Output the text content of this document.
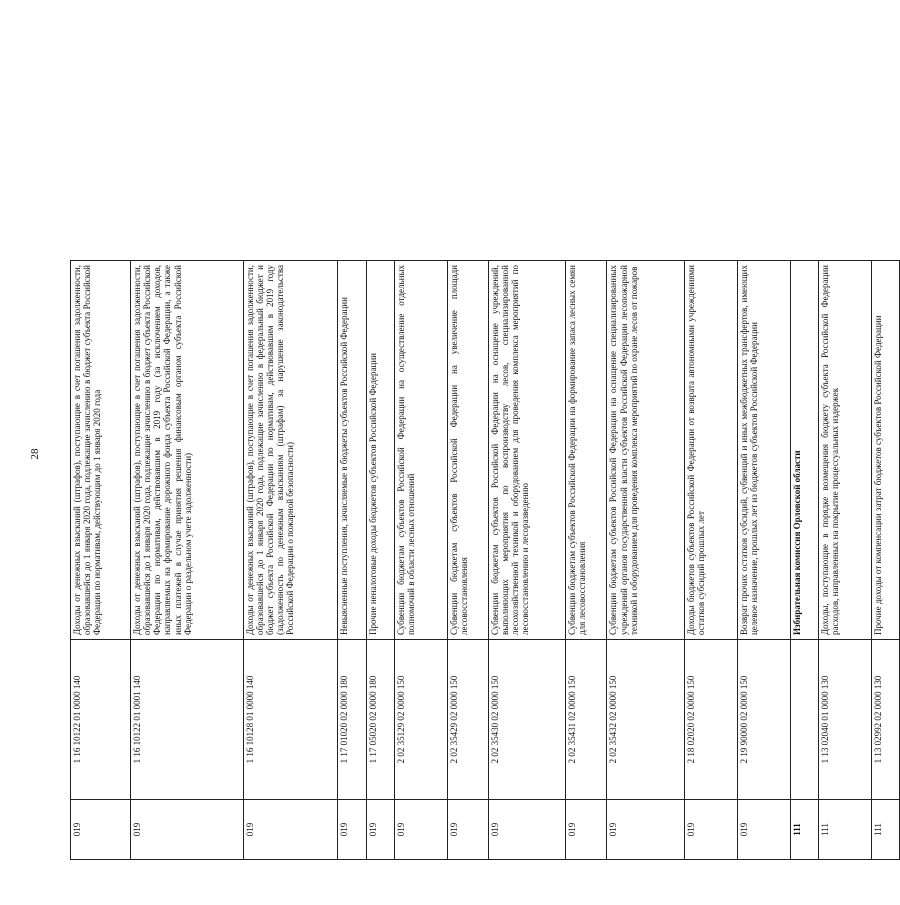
28
019	1 16 10122 01 0000 140	Доходы от денежных взысканий (штрафов), поступающие в счет погашения задолженности, образовавшейся до 1 января 2020 года, подлежащие зачислению в бюджет субъекта Российской Федерации по нормативам, действующим до 1 января 2020 года
019	1 16 10122 01 0001 140	Доходы от денежных взысканий (штрафов), поступающие в счет погашения задолженности, образовавшейся до 1 января 2020 года, подлежащие зачислению в бюджет субъекта Российской Федерации по нормативам, действовавшим в 2019 году (за исключением доходов, направляемых на формирование дорожного фонда субъекта Российской Федерации, а также иных платежей в случае принятия решения финансовым органом субъекта Российской Федерации о раздельном учете задолженности)
019	1 16 10128 01 0000 140	Доходы от денежных взысканий (штрафов), поступающие в счет погашения задолженности, образовавшейся до 1 января 2020 года, подлежащие зачислению в федеральный бюджет и бюджет субъекта Российской Федерации по нормативам, действовавшим в 2019 году (задолженность по денежным взысканиям (штрафам) за нарушение законодательства Российской Федерации о пожарной безопасности)
019	1 17 01020 02 0000 180	Невыясненные поступления, зачисляемые в бюджеты субъектов Российской Федерации
019	1 17 05020 02 0000 180	Прочие неналоговые доходы бюджетов субъектов Российской Федерации
019	2 02 35129 02 0000 150	Субвенции бюджетам субъектов Российской Федерации на осуществление отдельных полномочий в области лесных отношений
019	2 02 35429 02 0000 150	Субвенции бюджетам субъектов Российской Федерации на увеличение площади лесовосстановления
019	2 02 35430 02 0000 150	Субвенции бюджетам субъектов Российской Федерации на оснащение учреждений, выполняющих мероприятия по воспроизводству лесов, специализированной лесохозяйственной техникой и оборудованием для проведения комплекса мероприятий по лесовосстановлению и лесоразведению
019	2 02 35431 02 0000 150	Субвенции бюджетам субъектов Российской Федерации на формирование запаса лесных семян для лесовосстановления
019	2 02 35432 02 0000 150	Субвенции бюджетам субъектов Российской Федерации на оснащение специализированных учреждений органов государственной власти субъектов Российской Федерации лесопожарной техникой и оборудованием для проведения комплекса мероприятий по охране лесов от пожаров
019	2 18 02020 02 0000 150	Доходы бюджетов субъектов Российской Федерации от возврата автономными учреждениями остатков субсидий прошлых лет
019	2 19 90000 02 0000 150	Возврат прочих остатков субсидий, субвенций и иных межбюджетных трансфертов, имеющих целевое назначение, прошлых лет из бюджетов субъектов Российской Федерации
111		Избирательная комиссия Орловской области
111	1 13 02040 01 0000 130	Доходы, поступающие в порядке возмещения бюджету субъекта Российской Федерации расходов, направленных на покрытие процессуальных издержек
111	1 13 02992 02 0000 130	Прочие доходы от компенсации затрат бюджетов субъектов Российской Федерации
